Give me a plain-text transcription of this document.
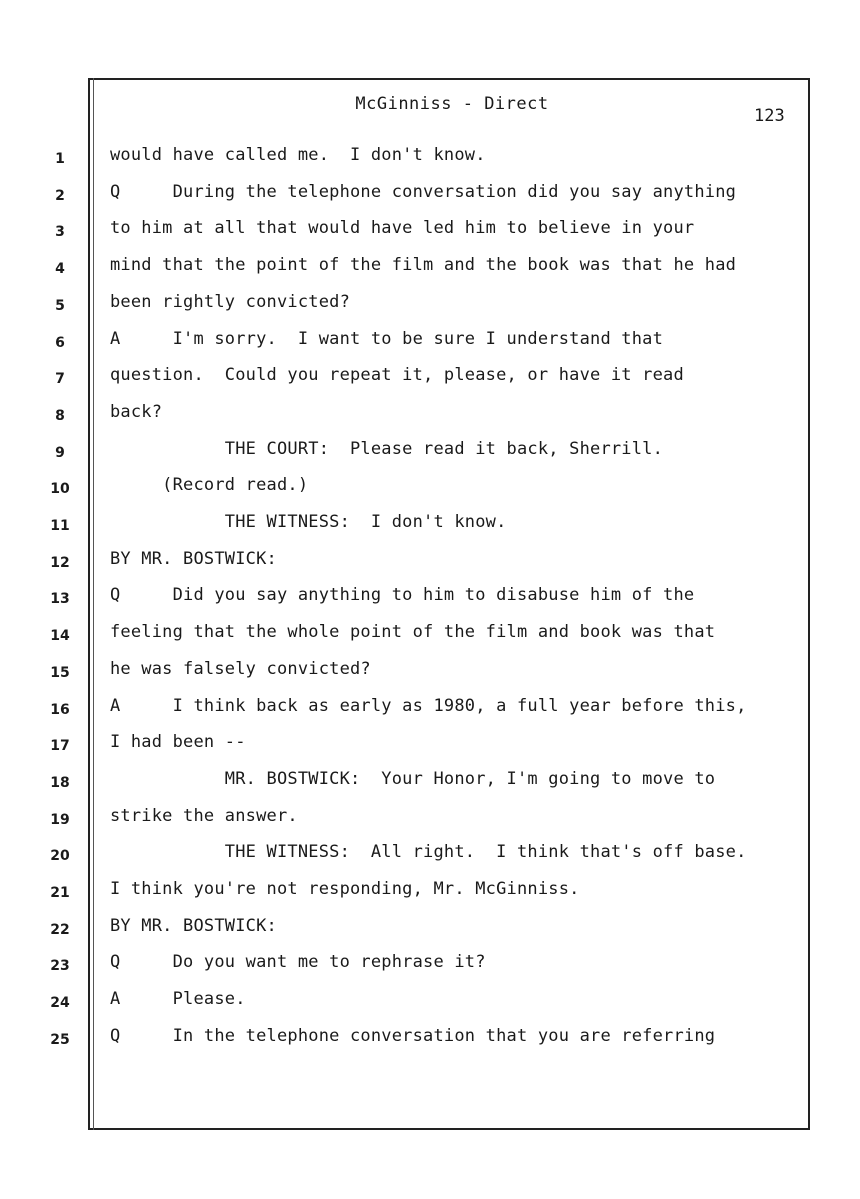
McGinniss - Direct
123
1	would have called me.  I don't know.
2	Q     During the telephone conversation did you say anything
3	to him at all that would have led him to believe in your
4	mind that the point of the film and the book was that he had
5	been rightly convicted?
6	A     I'm sorry.  I want to be sure I understand that
7	question.  Could you repeat it, please, or have it read
8	back?
9	THE COURT:  Please read it back, Sherrill.
10	(Record read.)
11	THE WITNESS:  I don't know.
12	BY MR. BOSTWICK:
13	Q     Did you say anything to him to disabuse him of the
14	feeling that the whole point of the film and book was that
15	he was falsely convicted?
16	A     I think back as early as 1980, a full year before this,
17	I had been --
18	MR. BOSTWICK:  Your Honor, I'm going to move to
19	strike the answer.
20	THE WITNESS:  All right.  I think that's off base.
21	I think you're not responding, Mr. McGinniss.
22	BY MR. BOSTWICK:
23	Q     Do you want me to rephrase it?
24	A     Please.
25	Q     In the telephone conversation that you are referring
